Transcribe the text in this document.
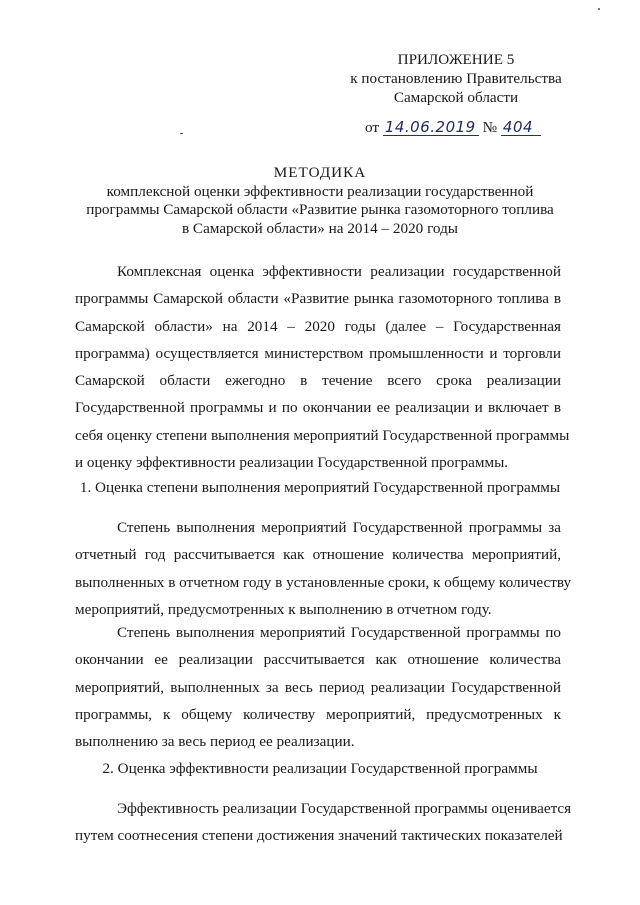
ПРИЛОЖЕНИЕ 5
к постановлению Правительства
Самарской области
от 14.06.2019 № 404
МЕТОДИКА
комплексной оценки эффективности реализации государственной
программы Самарской области «Развитие рынка газомоторного топлива
в Самарской области» на 2014 – 2020 годы
Комплексная оценка эффективности реализации государственной
программы Самарской области «Развитие рынка газомоторного топлива в
Самарской области» на 2014 – 2020 годы (далее – Государственная
программа) осуществляется министерством промышленности и торговли
Самарской области ежегодно в течение всего срока реализации
Государственной программы и по окончании ее реализации и включает в
себя оценку степени выполнения мероприятий Государственной программы
и оценку эффективности реализации Государственной программы.
1. Оценка степени выполнения мероприятий Государственной программы
Степень выполнения мероприятий Государственной программы за
отчетный год рассчитывается как отношение количества мероприятий,
выполненных в отчетном году в установленные сроки, к общему количеству
мероприятий, предусмотренных к выполнению в отчетном году.
Степень выполнения мероприятий Государственной программы по
окончании ее реализации рассчитывается как отношение количества
мероприятий, выполненных за весь период реализации Государственной
программы, к общему количеству мероприятий, предусмотренных к
выполнению за весь период ее реализации.
2. Оценка эффективности реализации Государственной программы
Эффективность реализации Государственной программы оценивается
путем соотнесения степени достижения значений тактических показателей
